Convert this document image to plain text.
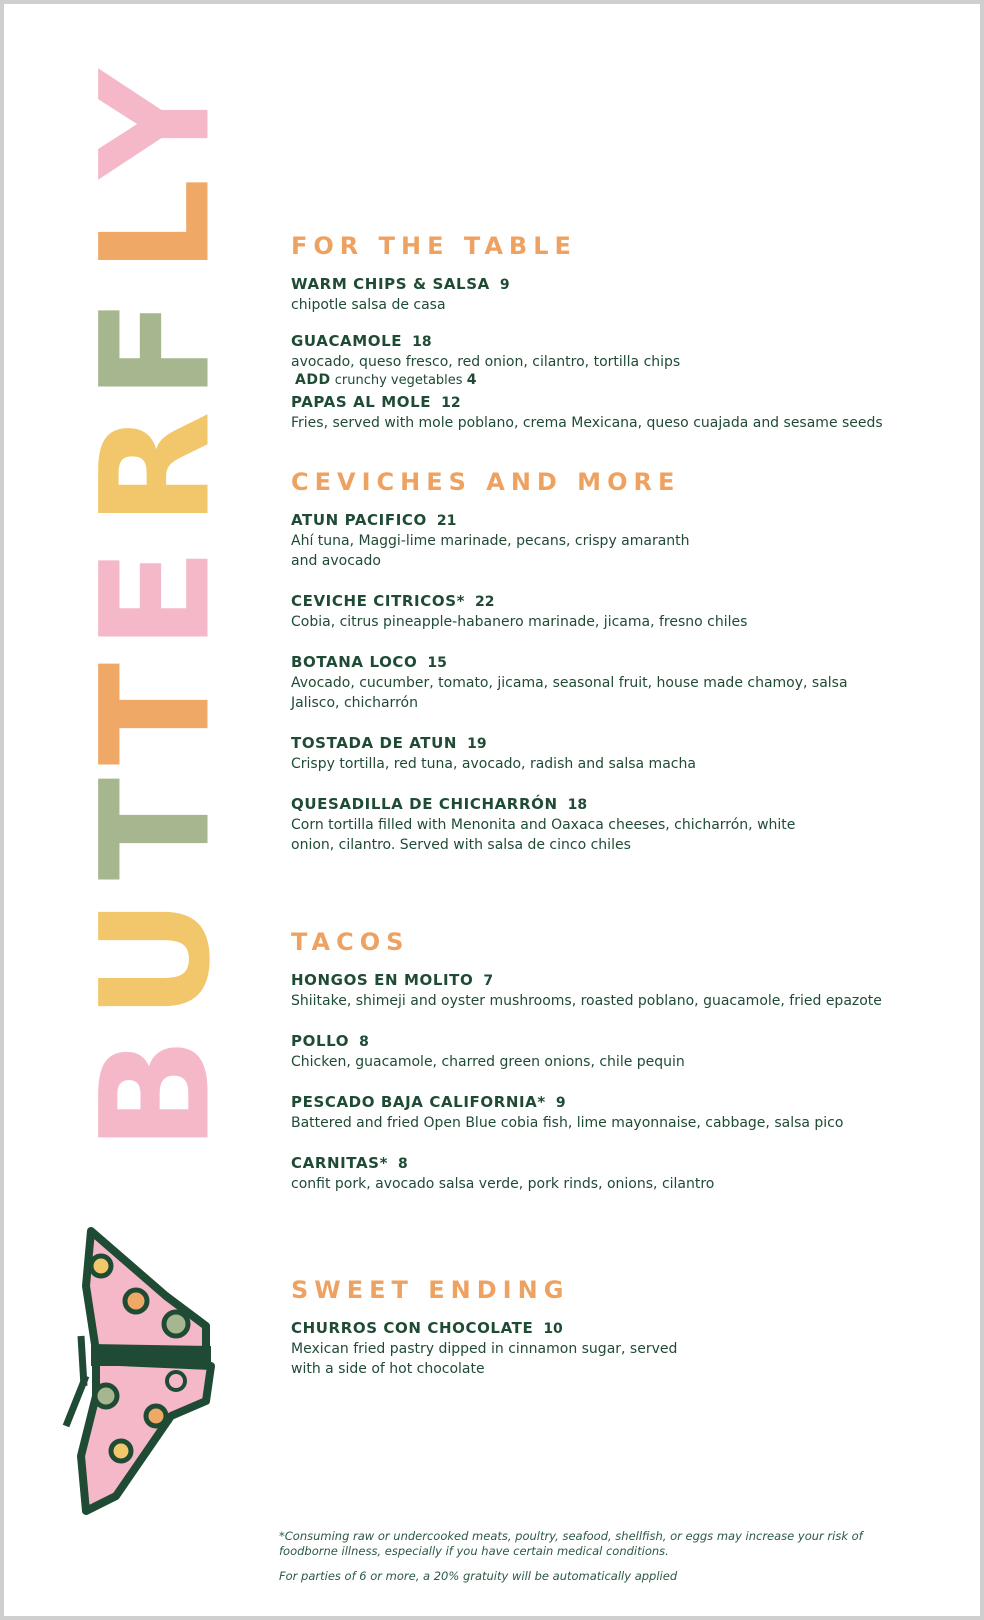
Y
L
F
R
E
T
T
U
B
FOR THE TABLE
WARM CHIPS & SALSA 9
chipotle salsa de casa
GUACAMOLE 18
avocado, queso fresco, red onion, cilantro, tortilla chips
ADD crunchy vegetables 4
PAPAS AL MOLE 12
Fries, served with mole poblano, crema Mexicana, queso cuajada and sesame seeds
CEVICHES AND MORE
ATUN PACIFICO 21
Ahí tuna, Maggi-lime marinade, pecans, crispy amaranth and avocado
CEVICHE CITRICOS* 22
Cobia, citrus pineapple-habanero marinade, jicama, fresno chiles
BOTANA LOCO 15
Avocado, cucumber, tomato, jicama, seasonal fruit, house made chamoy, salsa Jalisco, chicharrón
TOSTADA DE ATUN 19
Crispy tortilla, red tuna, avocado, radish and salsa macha
QUESADILLA DE CHICHARRÓN 18
Corn tortilla filled with Menonita and Oaxaca cheeses, chicharrón, white onion, cilantro. Served with salsa de cinco chiles
TACOS
HONGOS EN MOLITO 7
Shiitake, shimeji and oyster mushrooms, roasted poblano, guacamole, fried epazote
POLLO 8
Chicken, guacamole, charred green onions, chile pequin
PESCADO BAJA CALIFORNIA* 9
Battered and fried Open Blue cobia fish, lime mayonnaise, cabbage, salsa pico
CARNITAS* 8
confit pork, avocado salsa verde, pork rinds, onions, cilantro
SWEET ENDING
CHURROS CON CHOCOLATE 10
Mexican fried pastry dipped in cinnamon sugar, served with a side of hot chocolate

*Consuming raw or undercooked meats, poultry, seafood, shellfish, or eggs may increase your risk of foodborne illness, especially if you have certain medical conditions.

For parties of 6 or more, a 20% gratuity will be automatically applied
